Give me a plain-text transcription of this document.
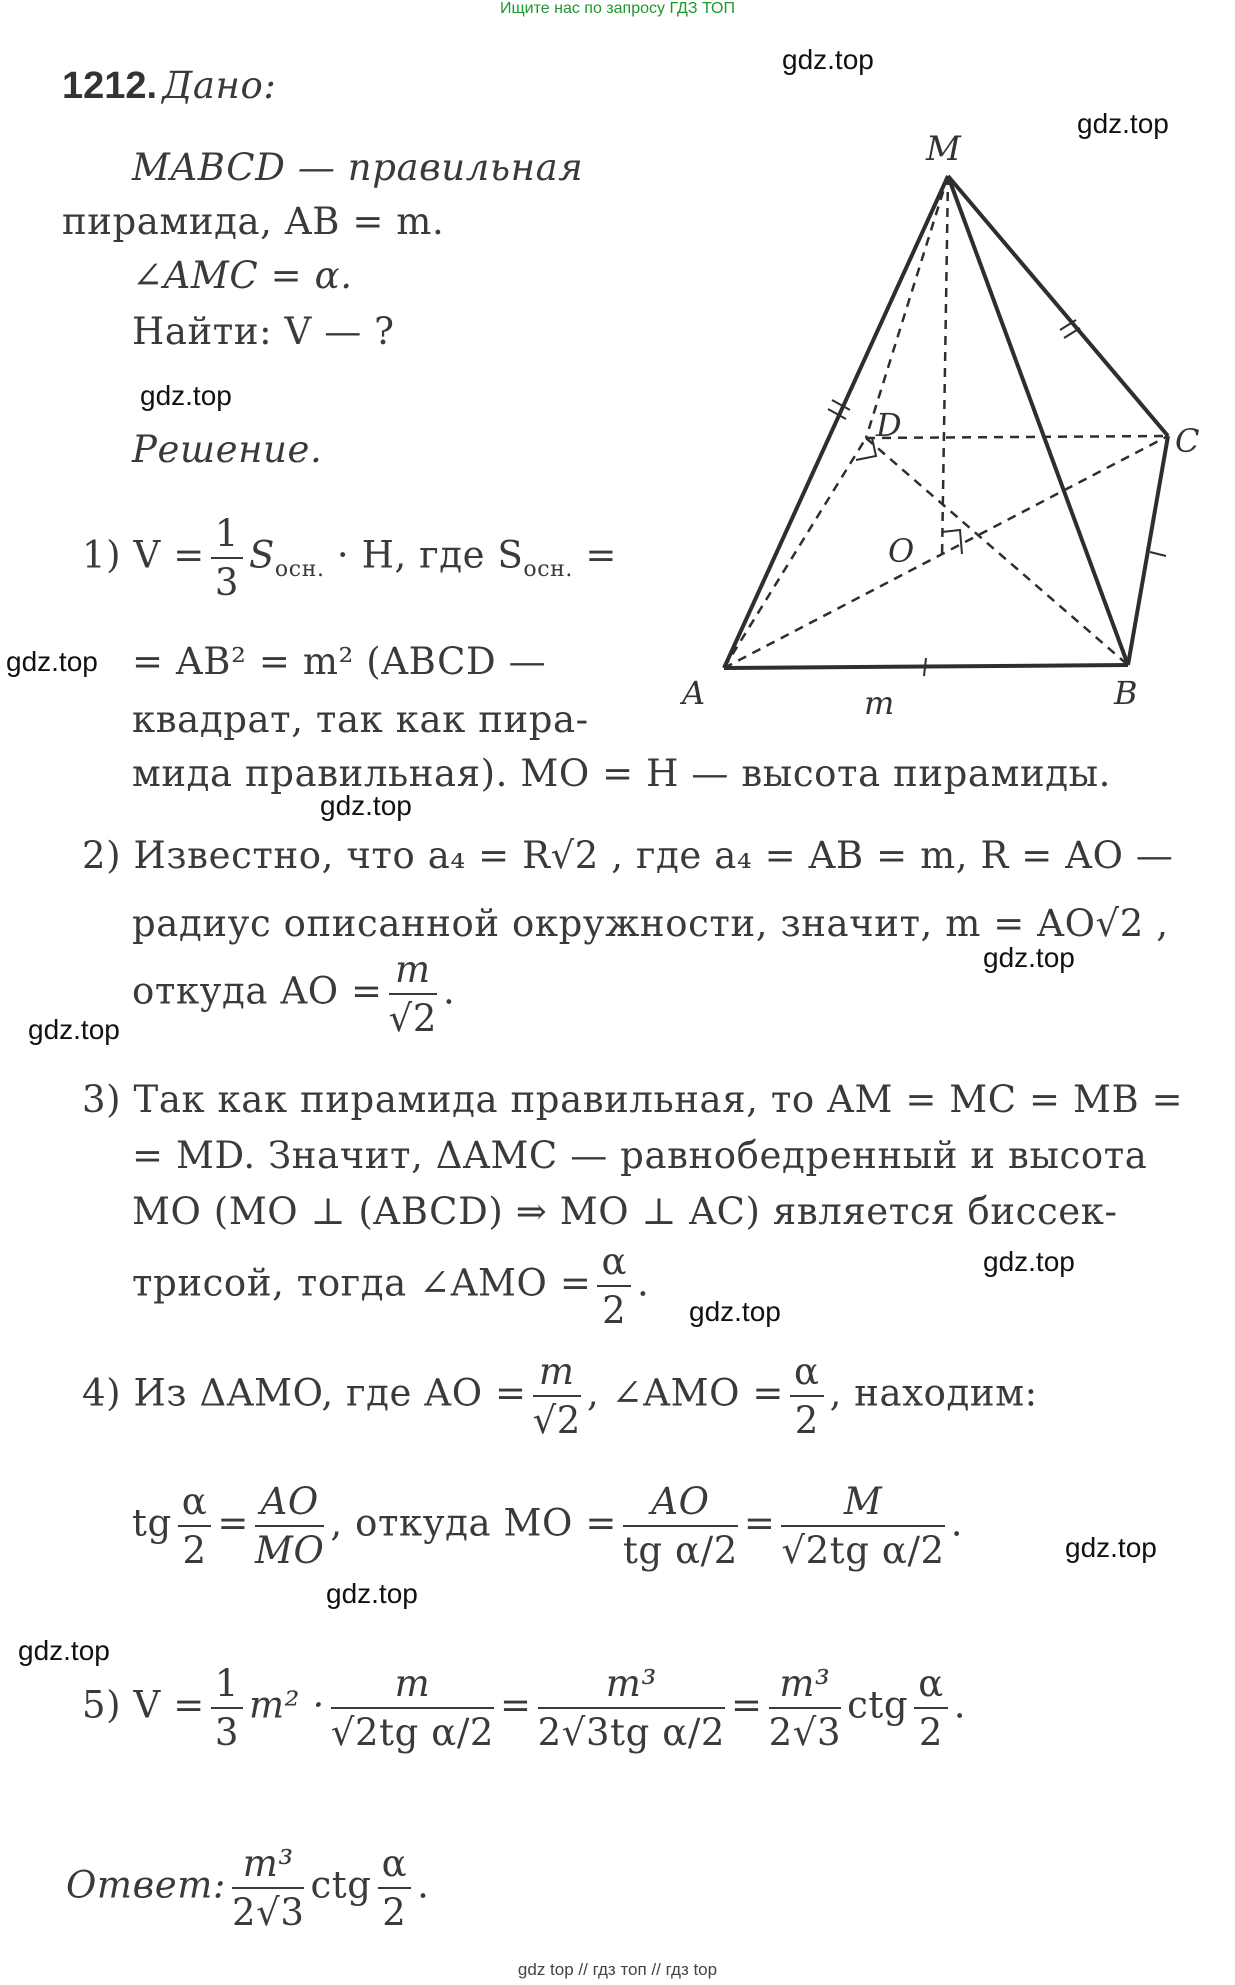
Ищите нас по запросу ГДЗ ТОП
gdz.top
gdz.top
gdz.top
gdz.top
gdz.top
gdz.top
gdz.top
gdz.top
gdz.top
gdz.top
gdz.top
gdz.top
1212. Дано:
MABCD — правильная
пирамида, AB = m.
∠AMC = α.
Найти: V — ?
Решение.
M
D	C
O
A	B
m
1) $V = \frac{1}{3} S_{осн.} \cdot H$, где $S_{осн.}$ =
= AB² = m² (ABCD —
квадрат, так как пира-
мида правильная). MO = H — высота пирамиды.
2) Известно, что a₄ = R√2 , где a₄ = AB = m, R = AO —
радиус описанной окружности, значит, m = AO√2 ,
откуда AO = $\frac{m}{√2}$ .
3) Так как пирамида правильная, то AM = MC = MB =
= MD. Значит, ΔAMC — равнобедренный и высота
MO (MO ⊥ (ABCD) ⇒ MO ⊥ AC) является биссек-
трисой, тогда ∠AMO = $\frac{\alpha}{2}$ .
4) Из ΔAMO, где AO = $\frac{m}{√2}$ , ∠AMO = $\frac{\alpha}{2}$ , находим:
tg $\frac{\alpha}{2} = \frac{AO}{MO}$ , откуда MO = $\frac{AO}{\text{tg α/2}} = \frac{M}{\text{√2tg α/2}}$ .
5) $V = \frac{1}{3} m^2 \cdot \frac{m}{\text{√2tg α/2}} = \frac{\text{m³}}{\text{2√3tg α/2}} = \frac{\text{m³}}{2√3}$ ctg $\frac{\alpha}{2}$ .
Ответ: $\frac{\text{m³}}{2√3}$ ctg $\frac{\alpha}{2}$ .
gdz top // гдз топ // гдз top
